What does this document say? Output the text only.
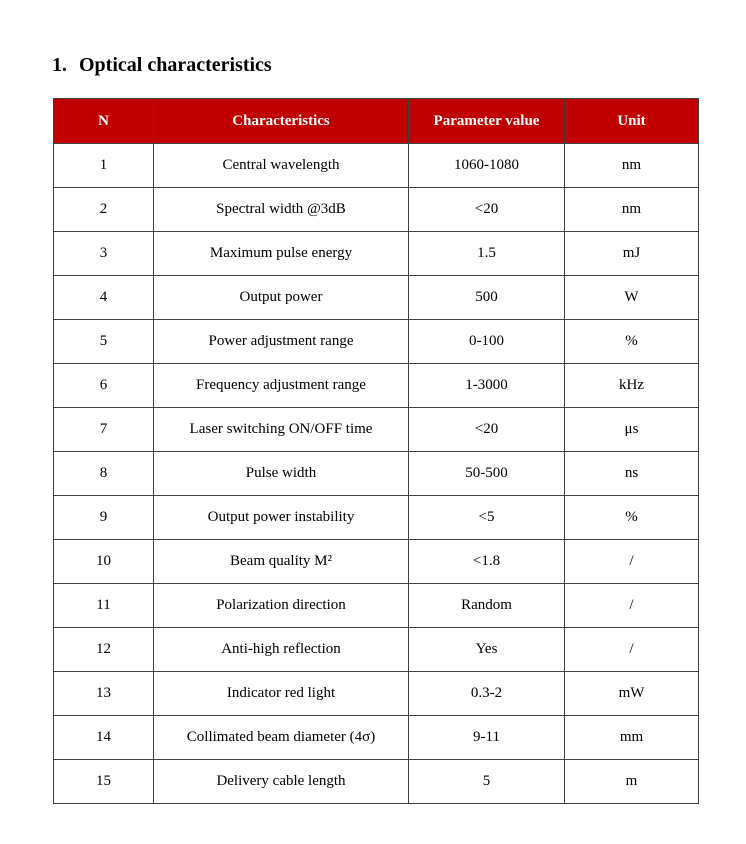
1. Optical characteristics
N	Characteristics	Parameter value	Unit
1	Central wavelength	1060-1080	nm
2	Spectral width @3dB	<20	nm
3	Maximum pulse energy	1.5	mJ
4	Output power	500	W
5	Power adjustment range	0-100	%
6	Frequency adjustment range	1-3000	kHz
7	Laser switching ON/OFF time	<20	μs
8	Pulse width	50-500	ns
9	Output power instability	<5	%
10	Beam quality M²	<1.8	/
11	Polarization direction	Random	/
12	Anti-high reflection	Yes	/
13	Indicator red light	0.3-2	mW
14	Collimated beam diameter (4σ)	9-11	mm
15	Delivery cable length	5	m
